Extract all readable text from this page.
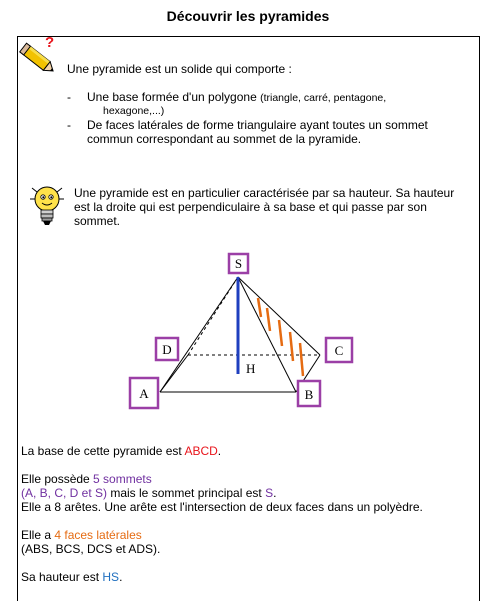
Découvrir les pyramides
?
Une pyramide est un solide qui comporte :
- Une base formée d'un polygone (triangle, carré, pentagone,
hexagone,...)
- De faces latérales de forme triangulaire ayant toutes un sommet
commun correspondant au sommet de la pyramide.
Une pyramide est en particulier caractérisée par sa hauteur. Sa hauteur
est la droite qui est perpendiculaire à sa base et qui passe par son
sommet.
S
D	C
A	B
H
La base de cette pyramide est ABCD.
Elle possède 5 sommets
(A, B, C, D et S) mais le sommet principal est S.
Elle a 8 arêtes. Une arête est l'intersection de deux faces dans un polyèdre.
Elle a 4 faces latérales
(ABS, BCS, DCS et ADS).
Sa hauteur est HS.
